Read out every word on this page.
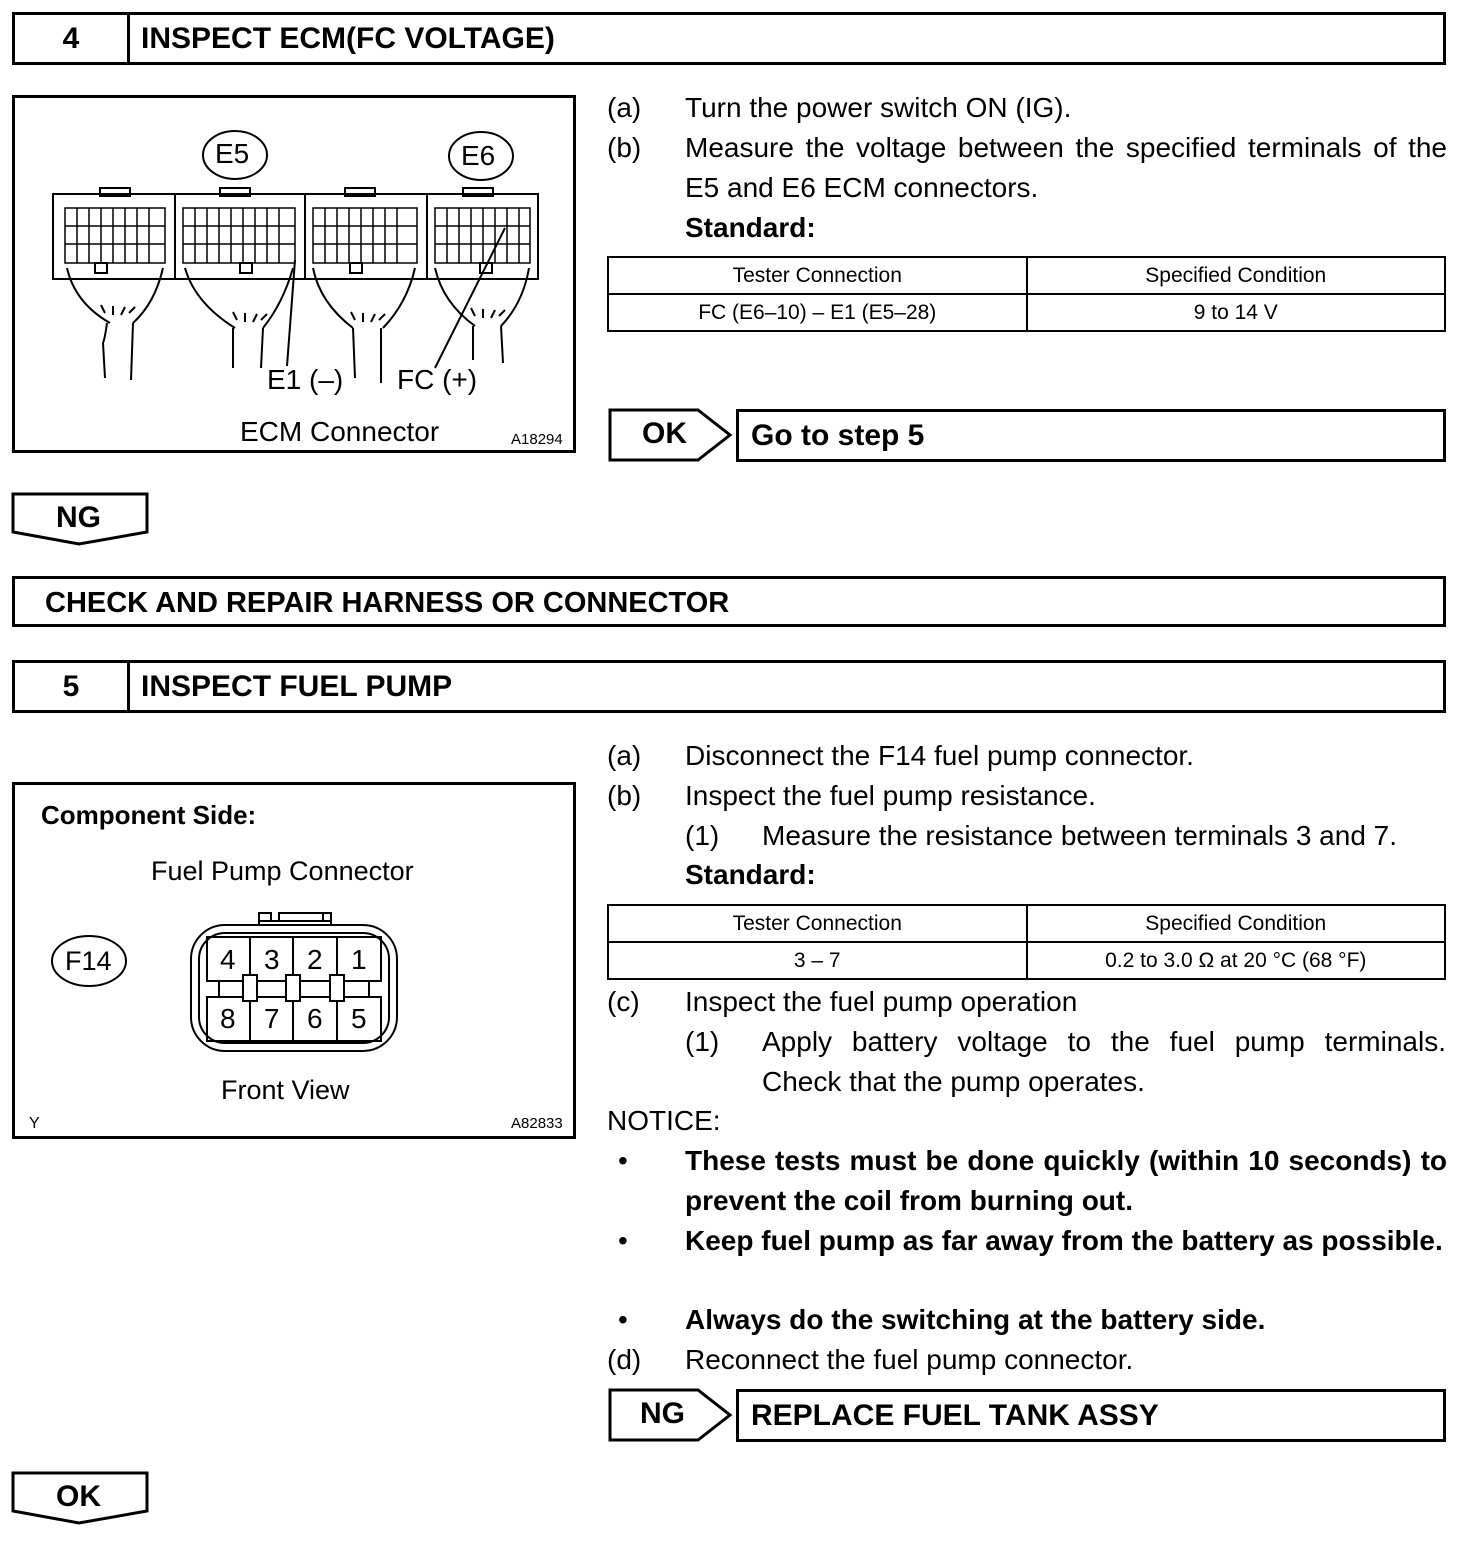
4	INSPECT ECM(FC VOLTAGE)
E5	E6
E1 (–) FC (+)
ECM Connector	A18294
(a) Turn the power switch ON (IG).
(b) Measure the voltage between the specified terminals of the E5 and E6 ECM connectors.
Standard:
Tester Connection	Specified Condition
FC (E6–10) – E1 (E5–28)	9 to 14 V
OK Go to step 5
NG
CHECK AND REPAIR HARNESS OR CONNECTOR
5	INSPECT FUEL PUMP
Component Side:
Fuel Pump Connector
F14	4 3 2 1
8 7 6 5
Front View
Y	A82833
(a) Disconnect the F14 fuel pump connector.
(b) Inspect the fuel pump resistance.
(1) Measure the resistance between terminals 3 and 7.
Standard:
Tester Connection	Specified Condition
3 – 7	0.2 to 3.0 Ω at 20 °C (68 °F)
(c) Inspect the fuel pump operation
(1) Apply battery voltage to the fuel pump terminals. Check that the pump operates.
NOTICE:
• These tests must be done quickly (within 10 seconds) to prevent the coil from burning out.
• Keep fuel pump as far away from the battery as possible.
• Always do the switching at the battery side.
(d) Reconnect the fuel pump connector.
NG REPLACE FUEL TANK ASSY
OK
